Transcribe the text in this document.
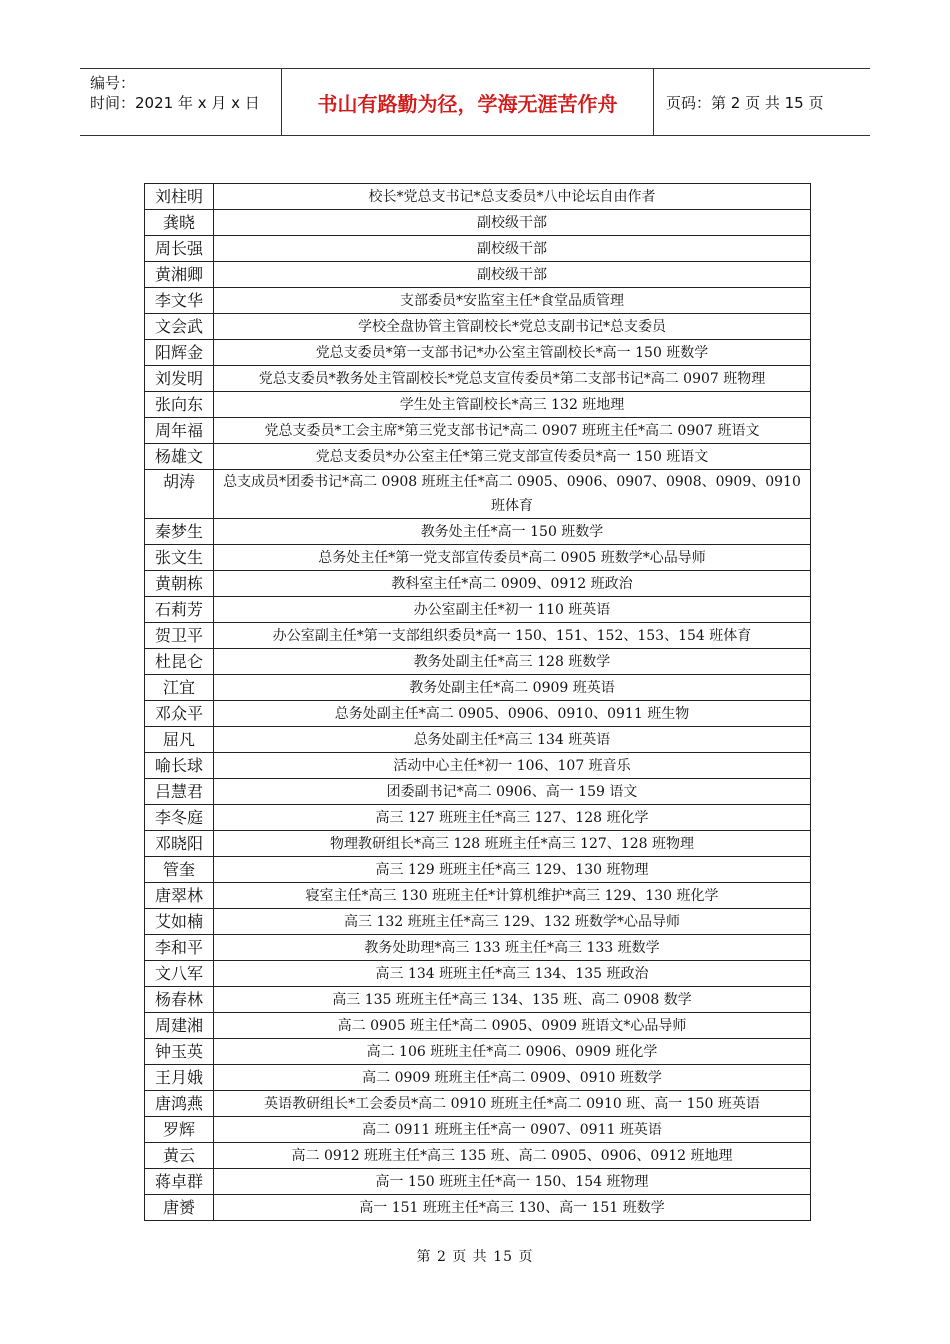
编号：
时间：2021 年 x 月 x 日	书山有路勤为径，学海无涯苦作舟	页码：第 2 页 共 15 页
刘柱明	校长*党总支书记*总支委员*八中论坛自由作者
龚晓	副校级干部
周长强	副校级干部
黄湘卿	副校级干部
李文华	支部委员*安监室主任*食堂品质管理
文会武	学校全盘协管主管副校长*党总支副书记*总支委员
阳辉金	党总支委员*第一支部书记*办公室主管副校长*高一 150 班数学
刘发明	党总支委员*教务处主管副校长*党总支宣传委员*第二支部书记*高二 0907 班物理
张向东	学生处主管副校长*高三 132 班地理
周年福	党总支委员*工会主席*第三党支部书记*高二 0907 班班主任*高二 0907 班语文
杨雄文	党总支委员*办公室主任*第三党支部宣传委员*高一 150 班语文
胡涛	总支成员*团委书记*高二 0908 班班主任*高二 0905、0906、0907、0908、0909、0910 班体育
秦梦生	教务处主任*高一 150 班数学
张文生	总务处主任*第一党支部宣传委员*高二 0905 班数学*心品导师
黄朝栋	教科室主任*高二 0909、0912 班政治
石莉芳	办公室副主任*初一 110 班英语
贺卫平	办公室副主任*第一支部组织委员*高一 150、151、152、153、154 班体育
杜昆仑	教务处副主任*高三 128 班数学
江宜	教务处副主任*高二 0909 班英语
邓众平	总务处副主任*高二 0905、0906、0910、0911 班生物
屈凡	总务处副主任*高三 134 班英语
喻长球	活动中心主任*初一 106、107 班音乐
吕慧君	团委副书记*高二 0906、高一 159 语文
李冬庭	高三 127 班班主任*高三 127、128 班化学
邓晓阳	物理教研组长*高三 128 班班主任*高三 127、128 班物理
管奎	高三 129 班班主任*高三 129、130 班物理
唐翠林	寝室主任*高三 130 班班主任*计算机维护*高三 129、130 班化学
艾如楠	高三 132 班班主任*高三 129、132 班数学*心品导师
李和平	教务处助理*高三 133 班主任*高三 133 班数学
文八军	高三 134 班班主任*高三 134、135 班政治
杨春林	高三 135 班班主任*高三 134、135 班、高二 0908 数学
周建湘	高二 0905 班主任*高二 0905、0909 班语文*心品导师
钟玉英	高二 106 班班主任*高二 0906、0909 班化学
王月娥	高二 0909 班班主任*高二 0909、0910 班数学
唐鸿燕	英语教研组长*工会委员*高二 0910 班班主任*高二 0910 班、高一 150 班英语
罗辉	高二 0911 班班主任*高一 0907、0911 班英语
黄云	高二 0912 班班主任*高三 135 班、高二 0905、0906、0912 班地理
蒋卓群	高一 150 班班主任*高一 150、154 班物理
唐赟	高一 151 班班主任*高三 130、高一 151 班数学
第 2 页 共 15 页
